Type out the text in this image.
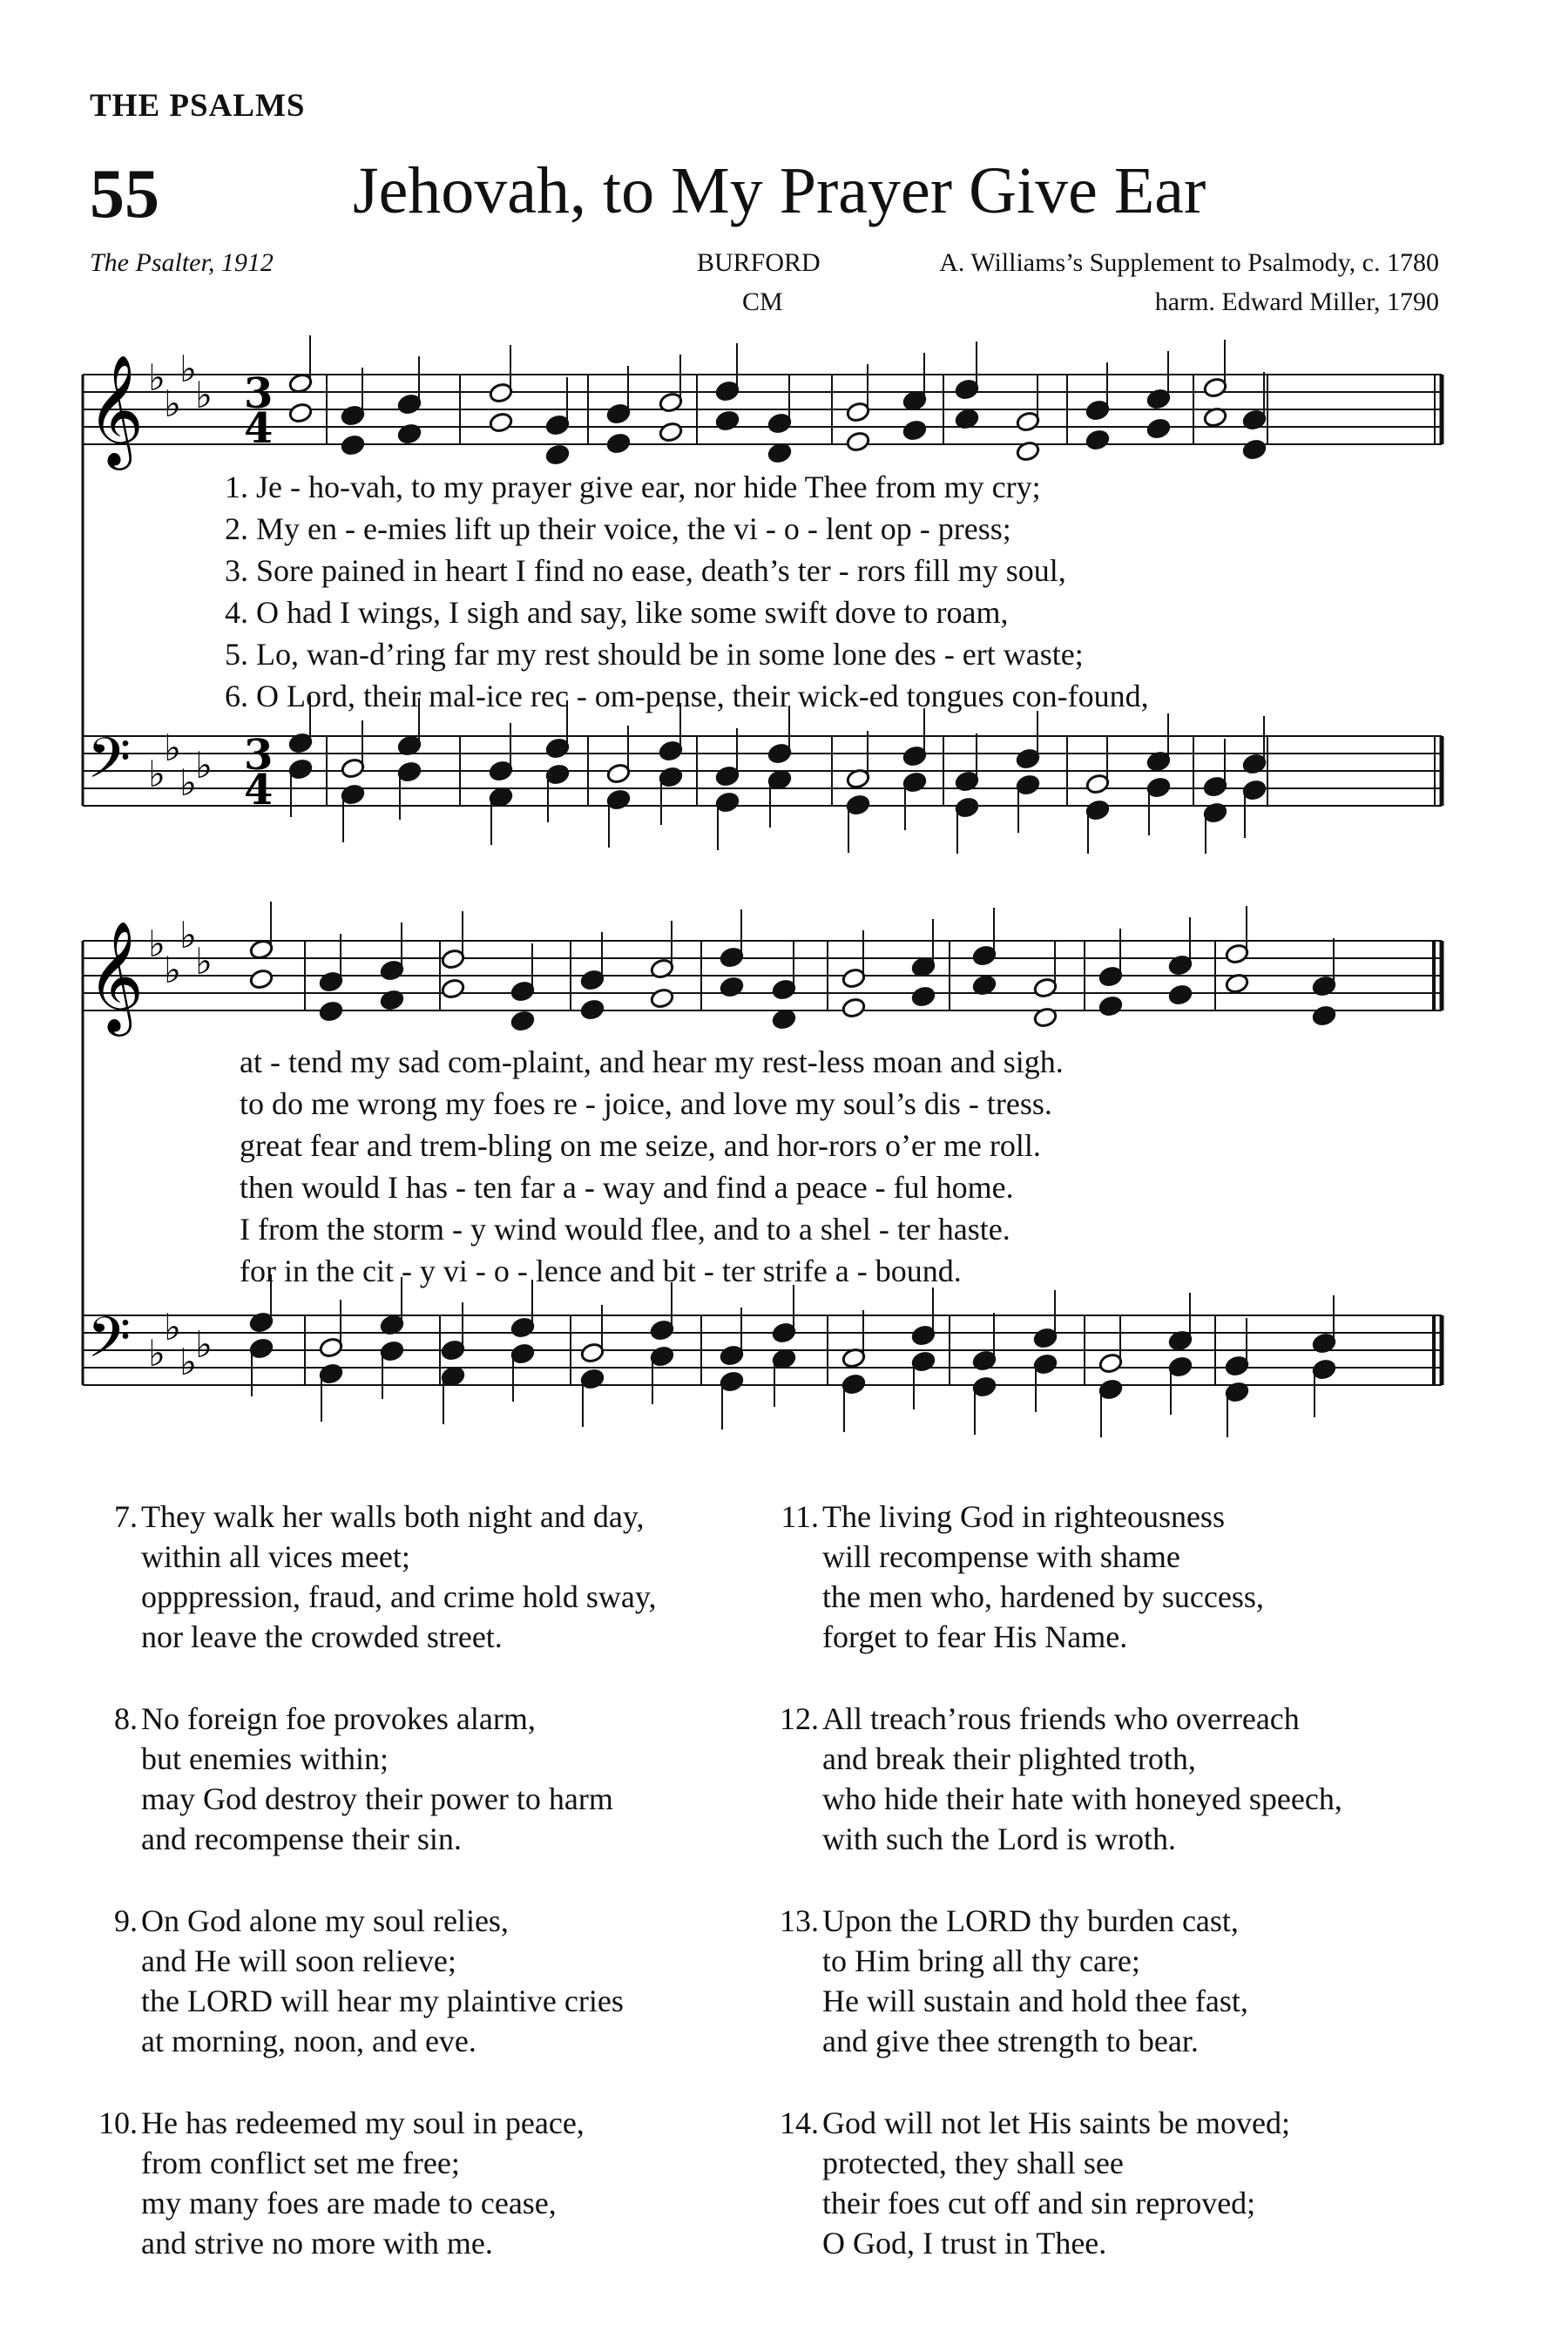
THE PSALMS
55	Jehovah, to My Prayer Give Ear
The Psalter, 1912	BURFORD
CM
A. Williams’s Supplement to Psalmody, c. 1780
harm. Edward Miller, 1790
𝄞 ♭
♭
♭
♭
𝄢 ♭
♭
♭
♭
3
3
4
4
1. Je - ho-vah, to my prayer give ear, nor hide Thee from my cry;
2. My en - e-mies lift up their voice, the vi - o - lent op - press;
3. Sore pained in heart I find no ease, death’s ter - rors fill my soul,
4. O had I wings, I sigh and say, like some swift dove to roam,
5. Lo, wan-d’ring far my rest should be in some lone des - ert waste;
6. O Lord, their mal-ice rec - om-pense, their wick-ed tongues con-found,
𝄞 ♭
♭
♭
♭
𝄢 ♭
♭
♭
♭
at - tend my sad com-plaint, and hear my rest-less moan and sigh.
to do me wrong my foes re - joice, and love my soul’s dis - tress.
great fear and trem-bling on me seize, and hor-rors o’er me roll.
then would I has - ten far a - way and find a peace - ful home.
I from the storm - y wind would flee, and to a shel - ter haste.
for in the cit - y vi - o - lence and bit - ter strife a - bound.
7. They walk her walls both night and day,
within all vices meet;
opppression, fraud, and crime hold sway,
nor leave the crowded street.
8. No foreign foe provokes alarm,
but enemies within;
may God destroy their power to harm
and recompense their sin.
9. On God alone my soul relies,
and He will soon relieve;
the LORD will hear my plaintive cries
at morning, noon, and eve.
10. He has redeemed my soul in peace,
from conflict set me free;
my many foes are made to cease,
and strive no more with me.
11. The living God in righteousness
will recompense with shame
the men who, hardened by success,
forget to fear His Name.
12. All treach’rous friends who overreach
and break their plighted troth,
who hide their hate with honeyed speech,
with such the Lord is wroth.
13. Upon the LORD thy burden cast,
to Him bring all thy care;
He will sustain and hold thee fast,
and give thee strength to bear.
14. God will not let His saints be moved;
protected, they shall see
their foes cut off and sin reproved;
O God, I trust in Thee.
